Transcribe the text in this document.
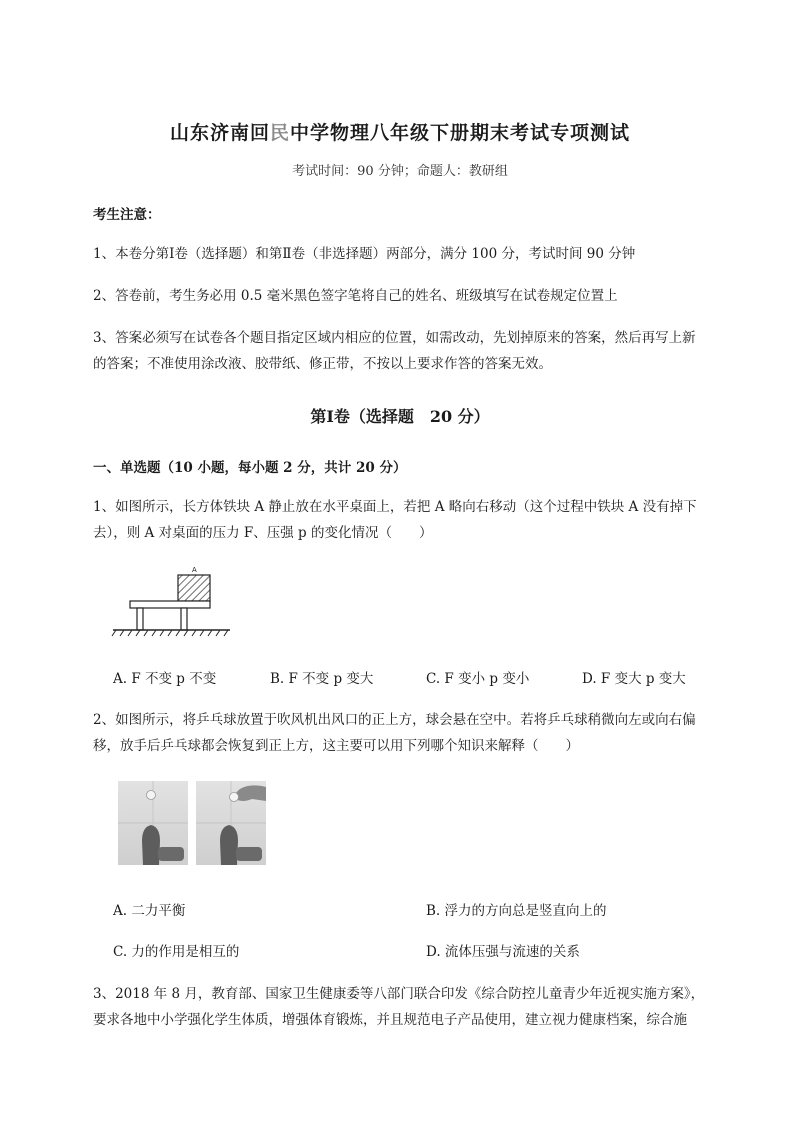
山东济南回民中学物理八年级下册期末考试专项测试
考试时间：90 分钟；命题人：教研组
考生注意：
1、本卷分第Ⅰ卷（选择题）和第Ⅱ卷（非选择题）两部分，满分 100 分，考试时间 90 分钟
2、答卷前，考生务必用 0.5 毫米黑色签字笔将自己的姓名、班级填写在试卷规定位置上
3、答案必须写在试卷各个题目指定区域内相应的位置，如需改动，先划掉原来的答案，然后再写上新
的答案；不准使用涂改液、胶带纸、修正带，不按以上要求作答的答案无效。
第Ⅰ卷（选择题　20 分）
一、单选题（10 小题，每小题 2 分，共计 20 分）
1、如图所示，长方体铁块 A 静止放在水平桌面上，若把 A 略向右移动（这个过程中铁块 A 没有掉下
去），则 A 对桌面的压力 F、压强 p 的变化情况（　　）
A
A. F 不变 p 不变	B. F 不变 p 变大	C. F 变小 p 变小	D. F 变大 p 变大
2、如图所示，将乒乓球放置于吹风机出风口的正上方，球会悬在空中。若将乒乓球稍微向左或向右偏
移，放手后乒乓球都会恢复到正上方，这主要可以用下列哪个知识来解释（　　）
A. 二力平衡	B. 浮力的方向总是竖直向上的
C. 力的作用是相互的	D. 流体压强与流速的关系
3、2018 年 8 月，教育部、国家卫生健康委等八部门联合印发《综合防控儿童青少年近视实施方案》，
要求各地中小学强化学生体质，增强体育锻炼，并且规范电子产品使用，建立视力健康档案，综合施
